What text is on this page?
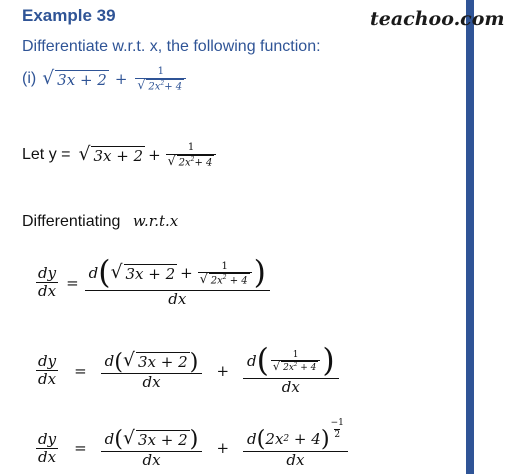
Example 39	teachoo.com
Differentiate w.r.t. x, the following function:
(i) √ $3x + 2 + \frac{1}{√ 2x^2+ 4}$
Let y = √ $3x + 2 + \frac{1}{√ 2x^2+ 4}$
Differentiating w.r.t.x
$\frac{dy}{dx} = \frac{d ( √ 3x + 2 + \frac{1}{√ 2x^2 + 4} )}{dx}$
$\frac{dy}{dx} = \frac{d ( √ 3x + 2 )}{dx} + \frac{d ( \frac{1}{√ 2x^2 + 4} )}{dx}$
$\frac{dy}{dx} = \frac{d ( √ 3x + 2 )}{dx} + d$ ( 2x 2 + 4 )
−1
2
dx
